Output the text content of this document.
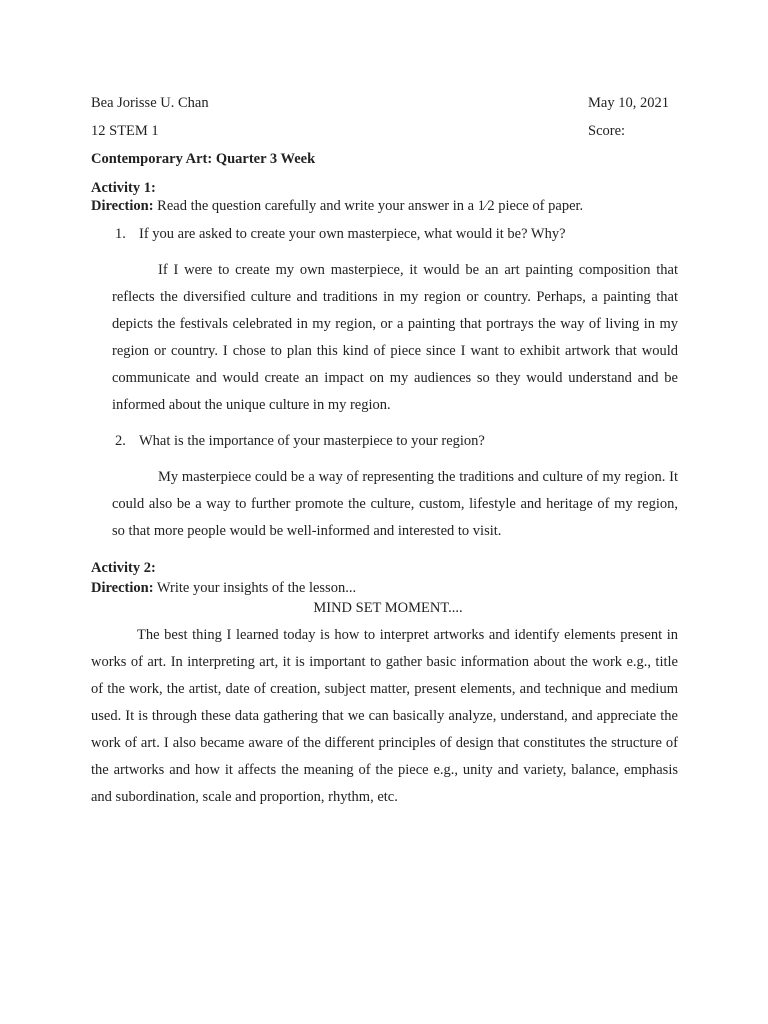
Bea Jorisse U. Chan	May 10, 2021
12 STEM 1	Score:
Contemporary Art: Quarter 3 Week
Activity 1:
Direction: Read the question carefully and write your answer in a 1⁄2 piece of paper.
1. If you are asked to create your own masterpiece, what would it be? Why?
If I were to create my own masterpiece, it would be an art painting composition that reflects the diversified culture and traditions in my region or country. Perhaps, a painting that depicts the festivals celebrated in my region, or a painting that portrays the way of living in my region or country. I chose to plan this kind of piece since I want to exhibit artwork that would communicate and would create an impact on my audiences so they would understand and be informed about the unique culture in my region.
2. What is the importance of your masterpiece to your region?
My masterpiece could be a way of representing the traditions and culture of my region. It could also be a way to further promote the culture, custom, lifestyle and heritage of my region, so that more people would be well-informed and interested to visit.
Activity 2:
Direction: Write your insights of the lesson...
MIND SET MOMENT....
The best thing I learned today is how to interpret artworks and identify elements present in works of art. In interpreting art, it is important to gather basic information about the work e.g., title of the work, the artist, date of creation, subject matter, present elements, and technique and medium used. It is through these data gathering that we can basically analyze, understand, and appreciate the work of art. I also became aware of the different principles of design that constitutes the structure of the artworks and how it affects the meaning of the piece e.g., unity and variety, balance, emphasis and subordination, scale and proportion, rhythm, etc.
